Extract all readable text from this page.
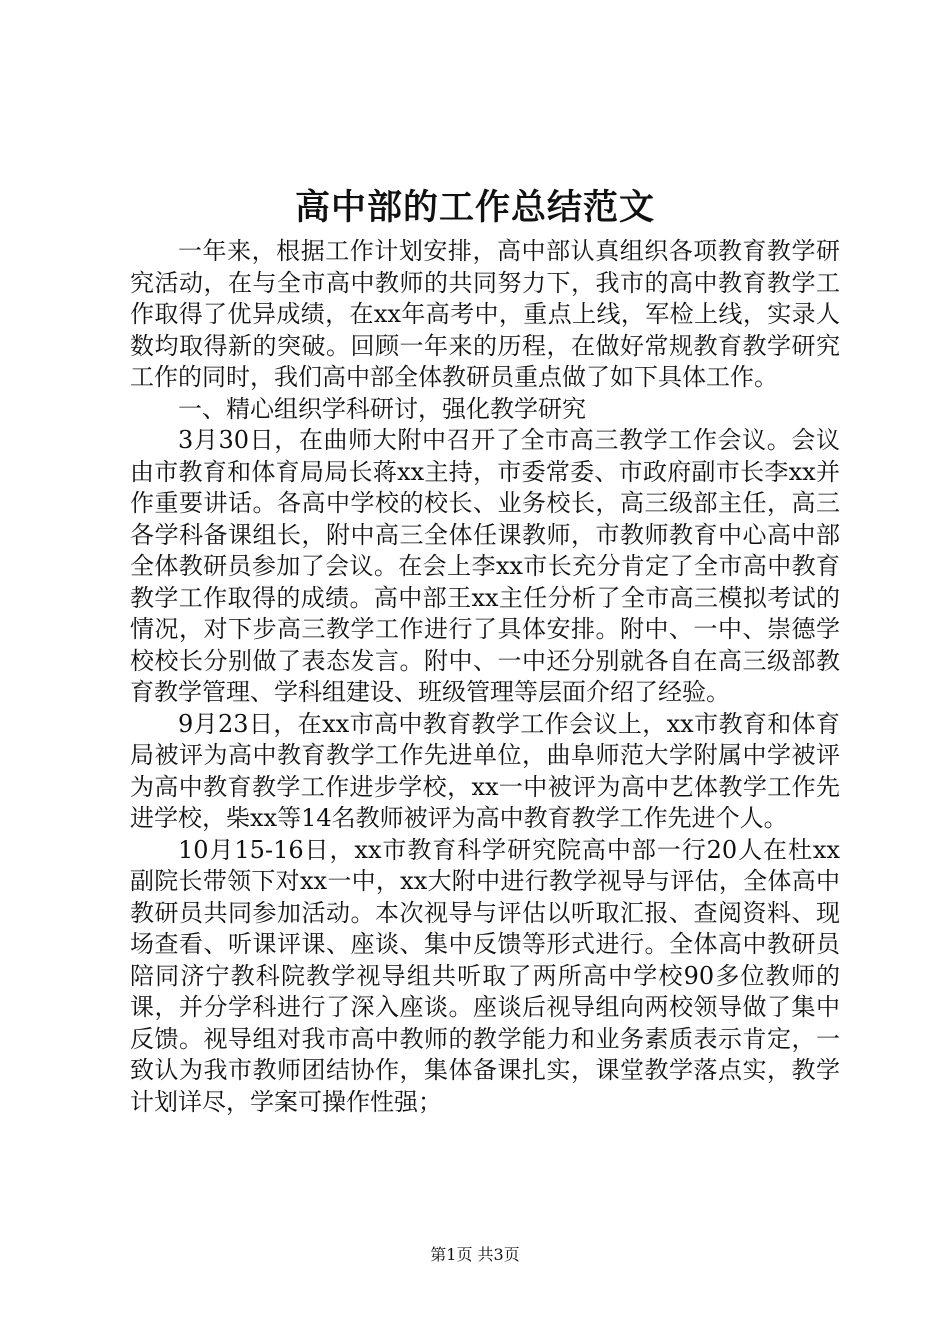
高中部的工作总结范文

一年来，根据工作计划安排，高中部认真组织各项教育教学研究活动，在与全市高中教师的共同努力下，我市的高中教育教学工作取得了优异成绩，在xx年高考中，重点上线，军检上线，实录人数均取得新的突破。回顾一年来的历程，在做好常规教育教学研究工作的同时，我们高中部全体教研员重点做了如下具体工作。

一、精心组织学科研讨，强化教学研究

3月30日，在曲师大附中召开了全市高三教学工作会议。会议由市教育和体育局局长蒋xx主持，市委常委、市政府副市长李xx并作重要讲话。各高中学校的校长、业务校长，高三级部主任，高三各学科备课组长，附中高三全体任课教师，市教师教育中心高中部全体教研员参加了会议。在会上李xx市长充分肯定了全市高中教育教学工作取得的成绩。高中部王xx主任分析了全市高三模拟考试的情况，对下步高三教学工作进行了具体安排。附中、一中、崇德学校校长分别做了表态发言。附中、一中还分别就各自在高三级部教育教学管理、学科组建设、班级管理等层面介绍了经验。

9月23日，在xx市高中教育教学工作会议上，xx市教育和体育局被评为高中教育教学工作先进单位，曲阜师范大学附属中学被评为高中教育教学工作进步学校，xx一中被评为高中艺体教学工作先进学校，柴xx等14名教师被评为高中教育教学工作先进个人。

10月15-16日，xx市教育科学研究院高中部一行20人在杜xx副院长带领下对xx一中，xx大附中进行教学视导与评估，全体高中教研员共同参加活动。本次视导与评估以听取汇报、查阅资料、现场查看、听课评课、座谈、集中反馈等形式进行。全体高中教研员陪同济宁教科院教学视导组共听取了两所高中学校90多位教师的课，并分学科进行了深入座谈。座谈后视导组向两校领导做了集中反馈。视导组对我市高中教师的教学能力和业务素质表示肯定，一致认为我市教师团结协作，集体备课扎实，课堂教学落点实，教学计划详尽，学案可操作性强；

第1页 共3页
